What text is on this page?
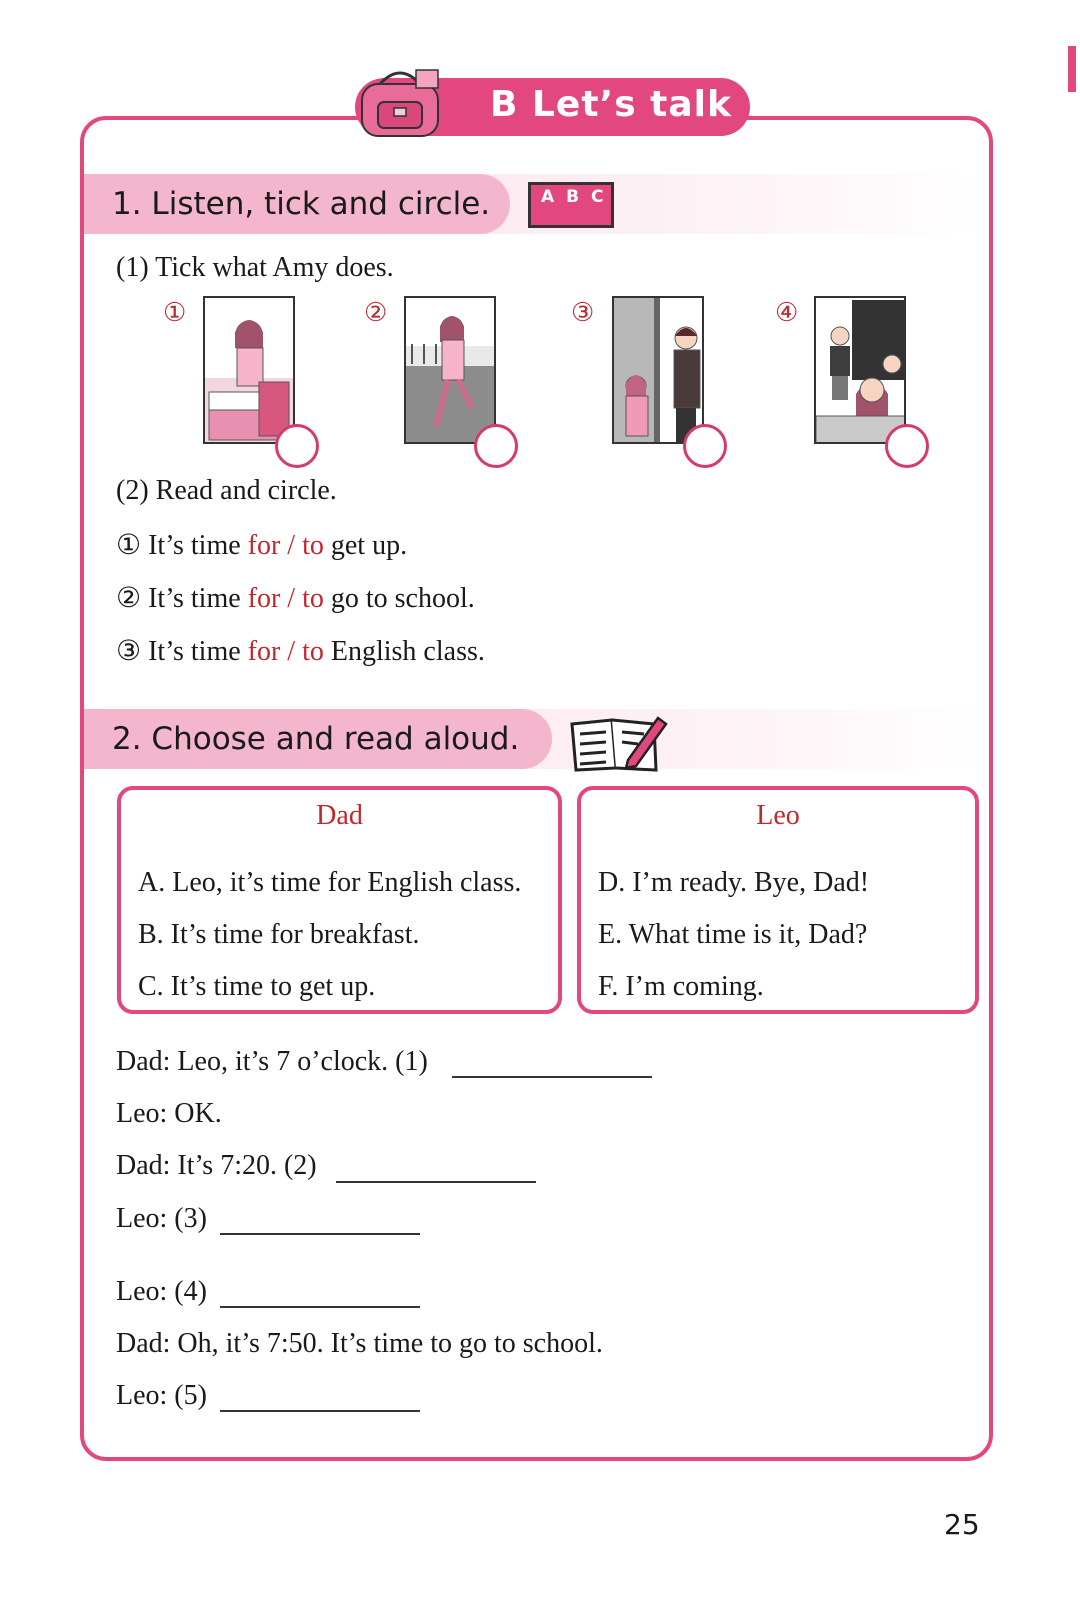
B Let’s talk
1. Listen, tick and circle.	A B C
(1) Tick what Amy does.
①	②	③	④
(2) Read and circle.
① It’s time for / to get up.
② It’s time for / to go to school.
③ It’s time for / to English class.
2. Choose and read aloud.
Dad
A. Leo, it’s time for English class.
B. It’s time for breakfast.
C. It’s time to get up.
Leo
D. I’m ready. Bye, Dad!
E. What time is it, Dad?
F. I’m coming.
Dad: Leo, it’s 7 o’clock. (1)
Leo: OK.
Dad: It’s 7:20. (2)
Leo: (3)
Leo: (4)
Dad: Oh, it’s 7:50. It’s time to go to school.
Leo: (5)
25
